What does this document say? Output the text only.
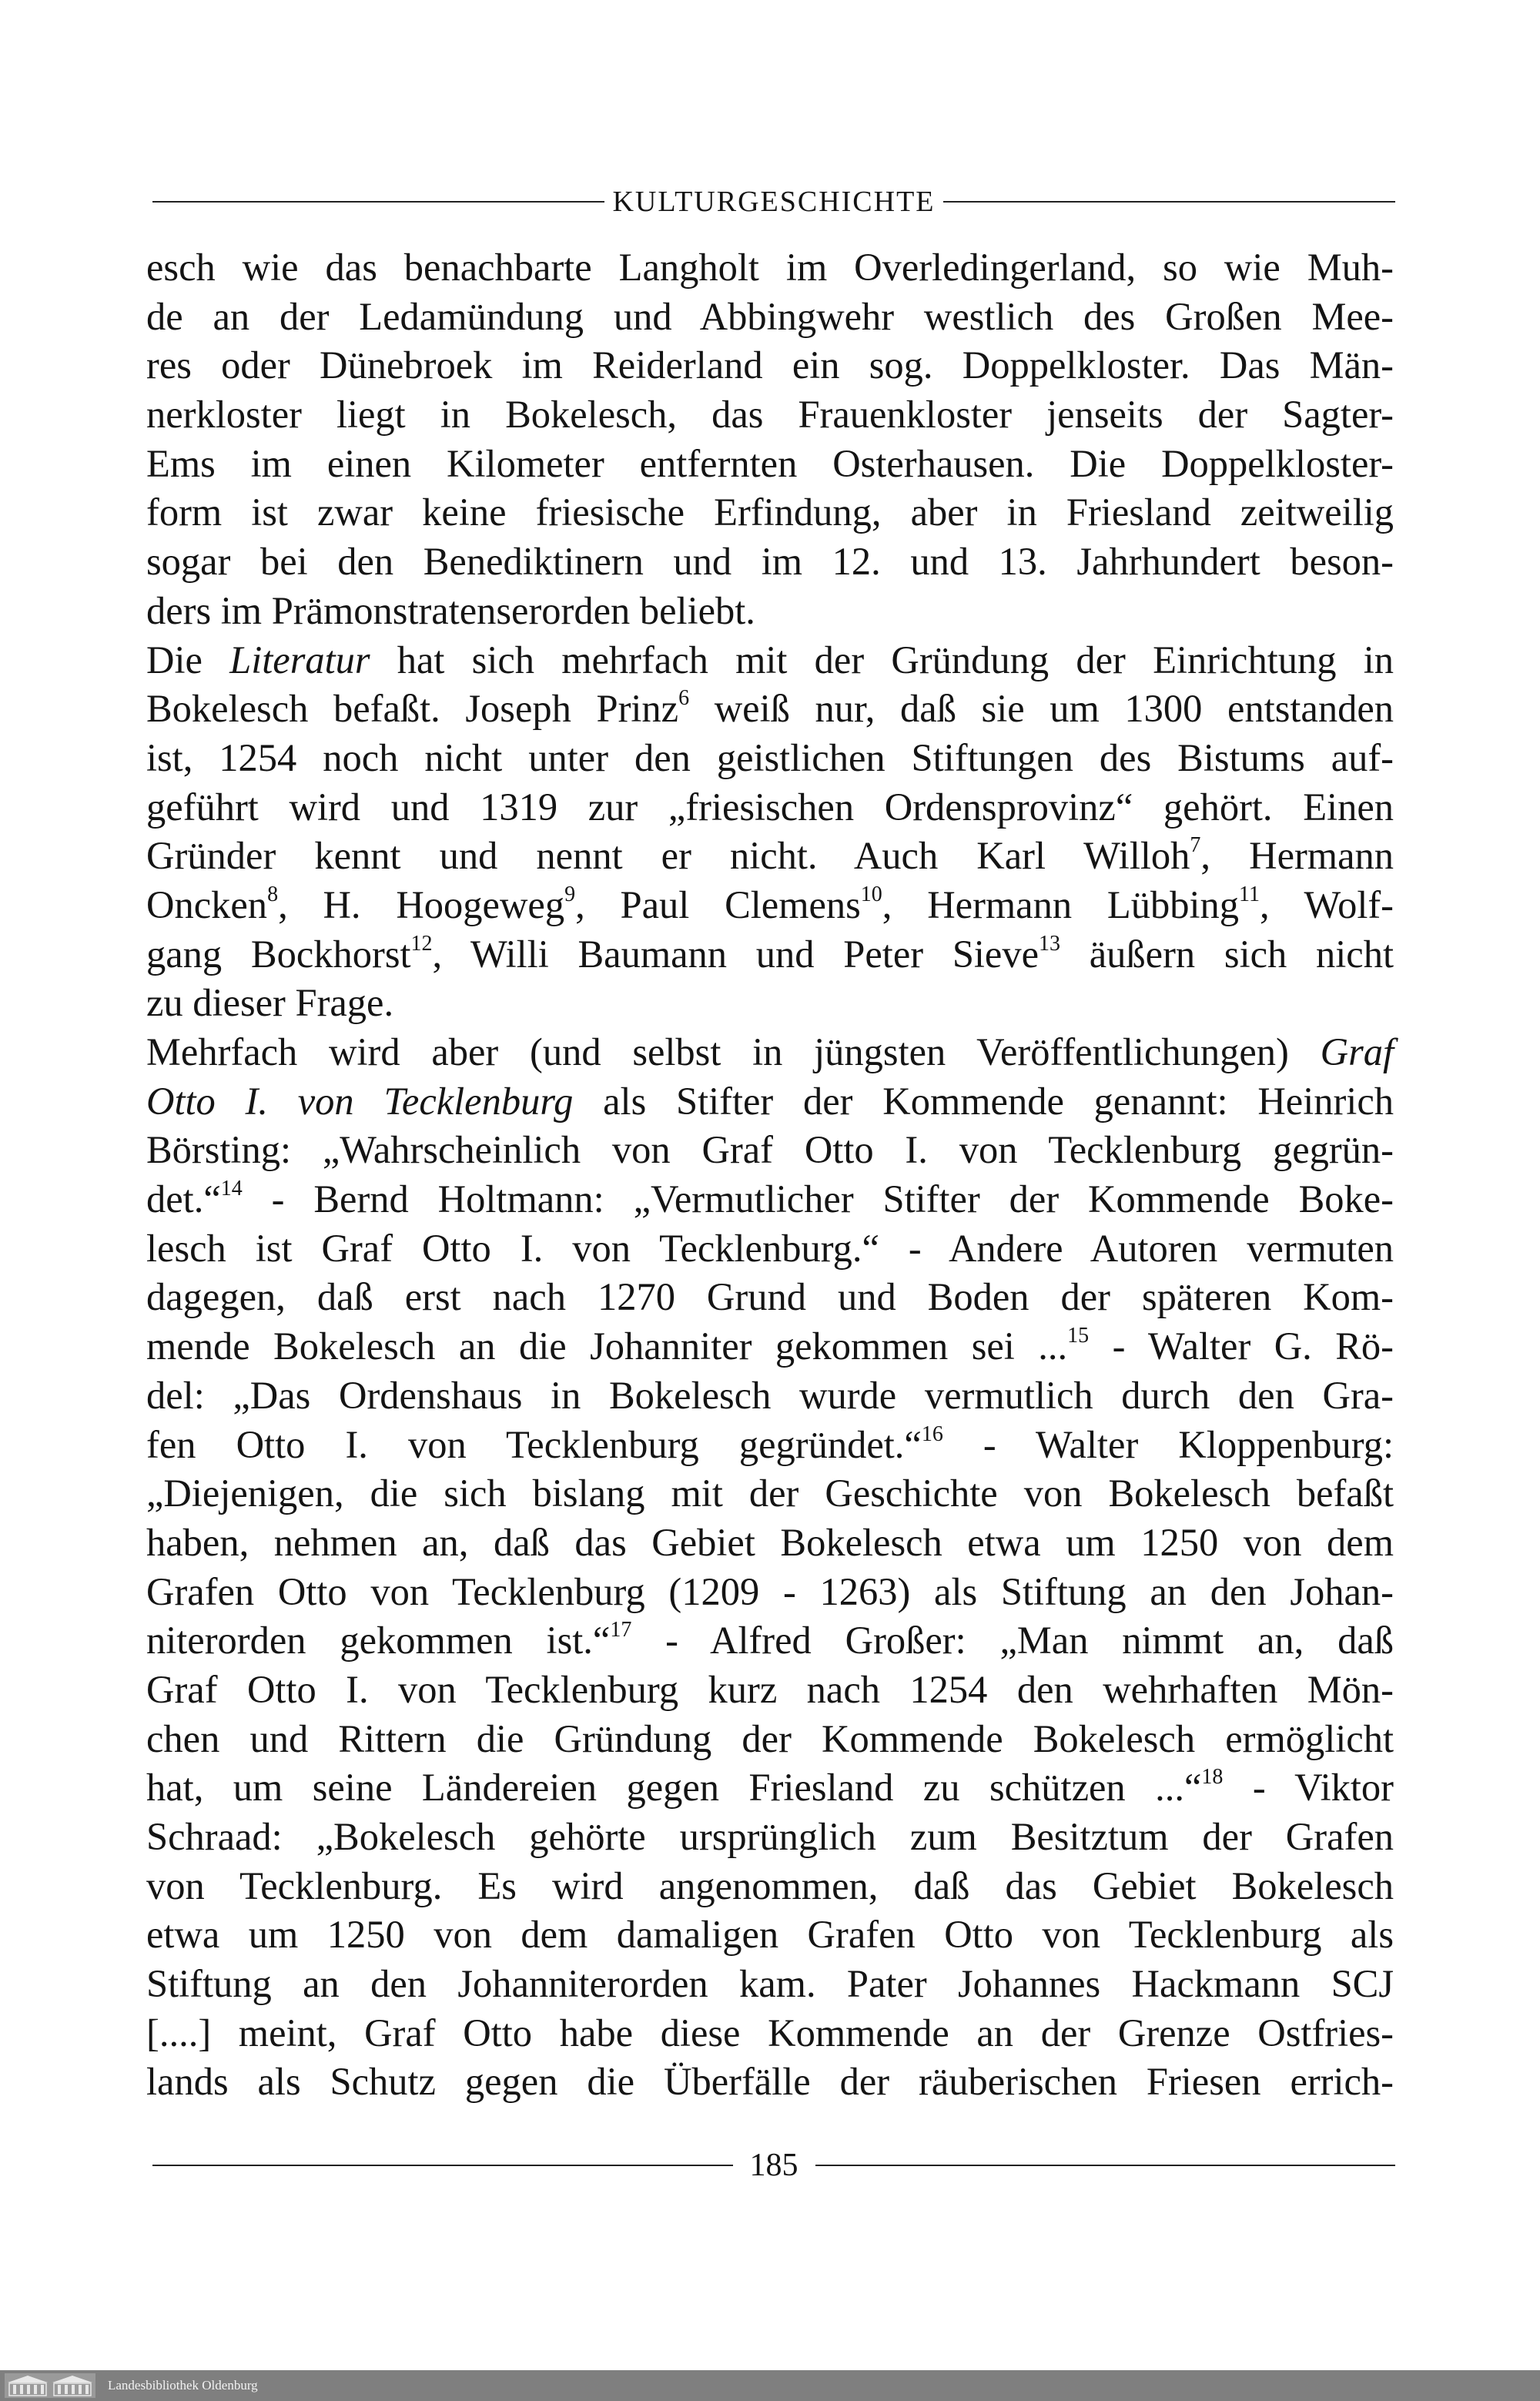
KULTURGESCHICHTE
esch wie das benachbarte Langholt im Overledingerland, so wie Muh-
de an der Ledamündung und Abbingwehr westlich des Großen Mee-
res oder Dünebroek im Reiderland ein sog. Doppelkloster. Das Män-
nerkloster liegt in Bokelesch, das Frauenkloster jenseits der Sagter-
Ems im einen Kilometer entfernten Osterhausen. Die Doppelkloster-
form ist zwar keine friesische Erfindung, aber in Friesland zeitweilig
sogar bei den Benediktinern und im 12. und 13. Jahrhundert beson-
ders im Prämonstratenserorden beliebt.
Die Literatur hat sich mehrfach mit der Gründung der Einrichtung in
Bokelesch befaßt. Joseph Prinz$^6$ weiß nur, daß sie um 1300 entstanden
ist, 1254 noch nicht unter den geistlichen Stiftungen des Bistums auf-
geführt wird und 1319 zur „friesischen Ordensprovinz“ gehört. Einen
Gründer kennt und nennt er nicht. Auch Karl Willoh$^7$, Hermann
Oncken$^8$, H. Hoogeweg$^9$, Paul Clemens$^{10}$, Hermann Lübbing$^{11}$, Wolf-
gang Bockhorst$^{12}$, Willi Baumann und Peter Sieve$^{13}$ äußern sich nicht
zu dieser Frage.
Mehrfach wird aber (und selbst in jüngsten Veröffentlichungen) Graf
Otto I. von Tecklenburg als Stifter der Kommende genannt: Heinrich
Börsting: „Wahrscheinlich von Graf Otto I. von Tecklenburg gegrün-
det.“$^{14}$ - Bernd Holtmann: „Vermutlicher Stifter der Kommende Boke-
lesch ist Graf Otto I. von Tecklenburg.“ - Andere Autoren vermuten
dagegen, daß erst nach 1270 Grund und Boden der späteren Kom-
mende Bokelesch an die Johanniter gekommen sei ...$^{15}$ - Walter G. Rö-
del: „Das Ordenshaus in Bokelesch wurde vermutlich durch den Gra-
fen Otto I. von Tecklenburg gegründet.“$^{16}$ - Walter Kloppenburg:
„Diejenigen, die sich bislang mit der Geschichte von Bokelesch befaßt
haben, nehmen an, daß das Gebiet Bokelesch etwa um 1250 von dem
Grafen Otto von Tecklenburg (1209 - 1263) als Stiftung an den Johan-
niterorden gekommen ist.“$^{17}$ - Alfred Großer: „Man nimmt an, daß
Graf Otto I. von Tecklenburg kurz nach 1254 den wehrhaften Mön-
chen und Rittern die Gründung der Kommende Bokelesch ermöglicht
hat, um seine Ländereien gegen Friesland zu schützen ...“$^{18}$ - Viktor
Schraad: „Bokelesch gehörte ursprünglich zum Besitztum der Grafen
von Tecklenburg. Es wird angenommen, daß das Gebiet Bokelesch
etwa um 1250 von dem damaligen Grafen Otto von Tecklenburg als
Stiftung an den Johanniterorden kam. Pater Johannes Hackmann SCJ
[....] meint, Graf Otto habe diese Kommende an der Grenze Ostfries-
lands als Schutz gegen die Überfälle der räuberischen Friesen errich-
185
Landesbibliothek Oldenburg
